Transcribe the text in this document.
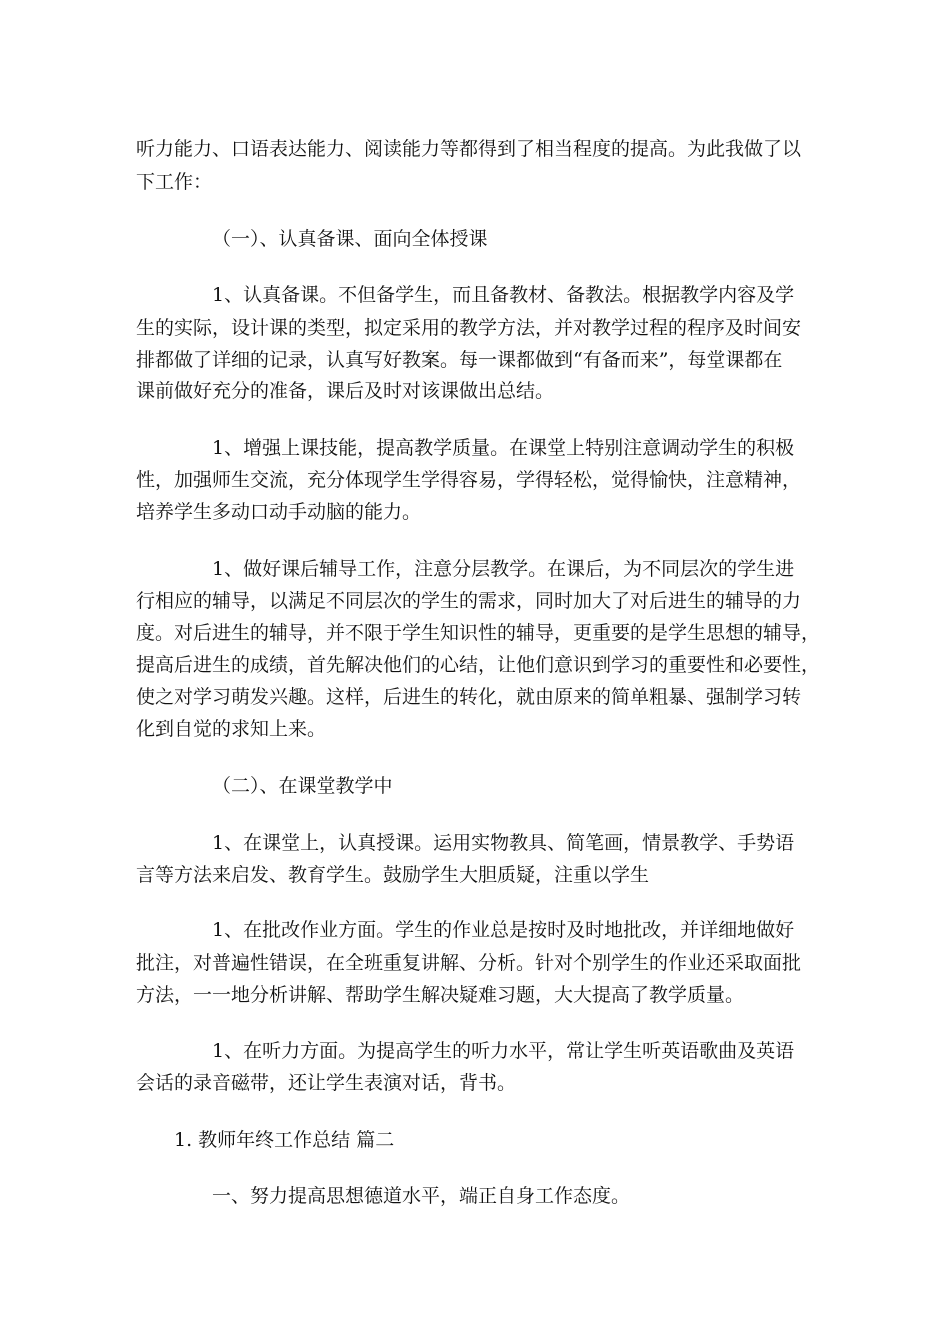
听力能力、口语表达能力、阅读能力等都得到了相当程度的提高。为此我做了以
下工作：
（一）、认真备课、面向全体授课
1、认真备课。不但备学生，而且备教材、备教法。根据教学内容及学
生的实际，设计课的类型，拟定采用的教学方法，并对教学过程的程序及时间安
排都做了详细的记录，认真写好教案。每一课都做到“有备而来”，每堂课都在
课前做好充分的准备，课后及时对该课做出总结。
1、增强上课技能，提高教学质量。在课堂上特别注意调动学生的积极
性，加强师生交流，充分体现学生学得容易，学得轻松，觉得愉快，注意精神，
培养学生多动口动手动脑的能力。
1、做好课后辅导工作，注意分层教学。在课后，为不同层次的学生进
行相应的辅导，以满足不同层次的学生的需求，同时加大了对后进生的辅导的力
度。对后进生的辅导，并不限于学生知识性的辅导，更重要的是学生思想的辅导，
提高后进生的成绩，首先解决他们的心结，让他们意识到学习的重要性和必要性，
使之对学习萌发兴趣。这样，后进生的转化，就由原来的简单粗暴、强制学习转
化到自觉的求知上来。
（二）、在课堂教学中
1、在课堂上，认真授课。运用实物教具、简笔画，情景教学、手势语
言等方法来启发、教育学生。鼓励学生大胆质疑，注重以学生
1、在批改作业方面。学生的作业总是按时及时地批改，并详细地做好
批注，对普遍性错误，在全班重复讲解、分析。针对个别学生的作业还采取面批
方法，一一地分析讲解、帮助学生解决疑难习题，大大提高了教学质量。
1、在听力方面。为提高学生的听力水平，常让学生听英语歌曲及英语
会话的录音磁带，还让学生表演对话，背书。
1. 教师年终工作总结 篇二
一、努力提高思想德道水平，端正自身工作态度。
